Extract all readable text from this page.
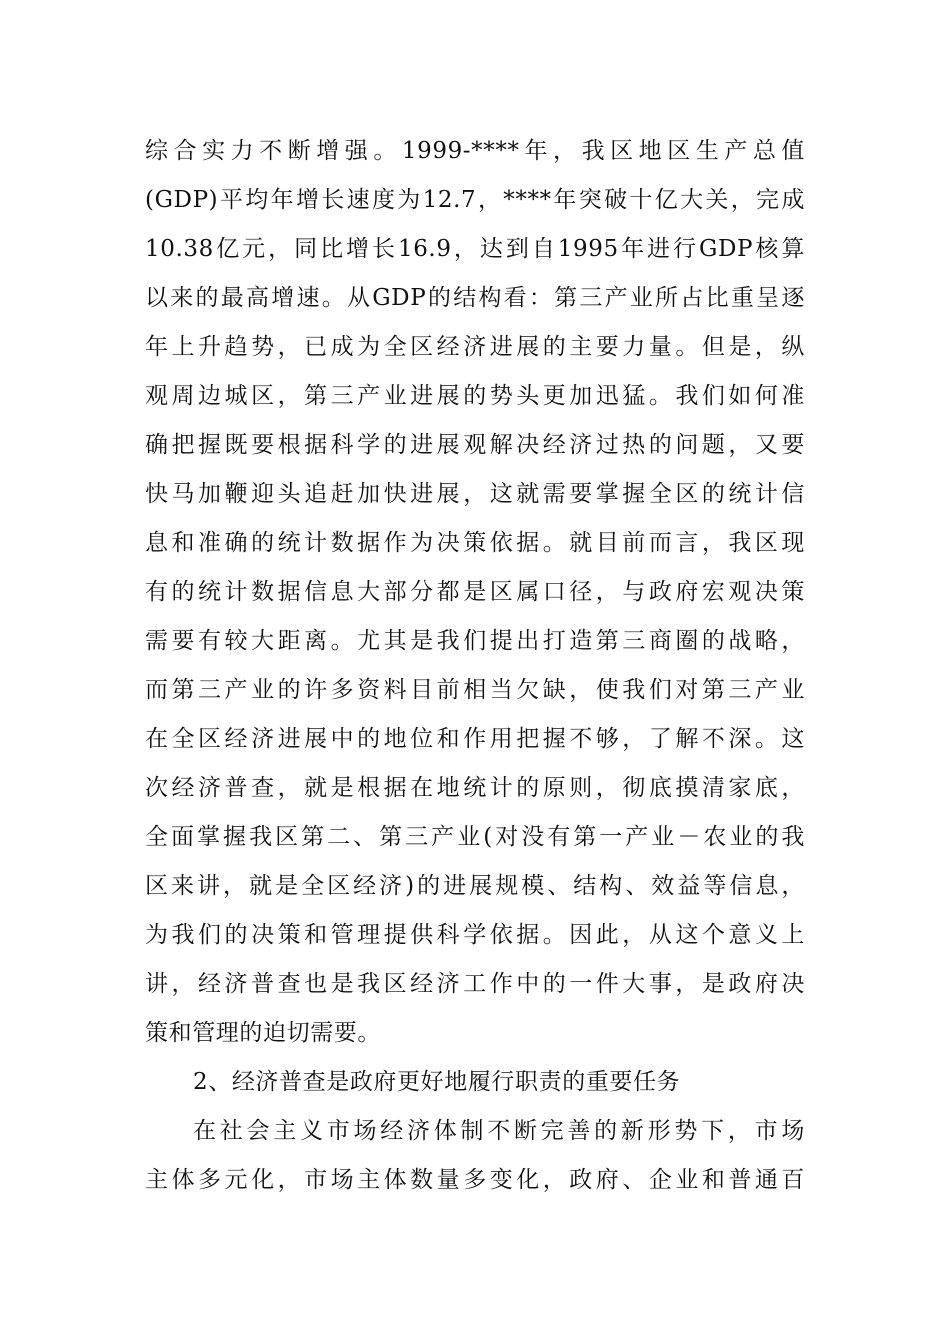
综合实力不断增强。1999-****年，我区地区生产总值
(GDP)平均年增长速度为12.7，****年突破十亿大关，完成
10.38亿元，同比增长16.9，达到自1995年进行GDP核算
以来的最高增速。从GDP的结构看：第三产业所占比重呈逐
年上升趋势，已成为全区经济进展的主要力量。但是，纵
观周边城区，第三产业进展的势头更加迅猛。我们如何准
确把握既要根据科学的进展观解决经济过热的问题，又要
快马加鞭迎头追赶加快进展，这就需要掌握全区的统计信
息和准确的统计数据作为决策依据。就目前而言，我区现
有的统计数据信息大部分都是区属口径，与政府宏观决策
需要有较大距离。尤其是我们提出打造第三商圈的战略，
而第三产业的许多资料目前相当欠缺，使我们对第三产业
在全区经济进展中的地位和作用把握不够，了解不深。这
次经济普查，就是根据在地统计的原则，彻底摸清家底，
全面掌握我区第二、第三产业(对没有第一产业－农业的我
区来讲，就是全区经济)的进展规模、结构、效益等信息，
为我们的决策和管理提供科学依据。因此，从这个意义上
讲，经济普查也是我区经济工作中的一件大事，是政府决
策和管理的迫切需要。
2、经济普查是政府更好地履行职责的重要任务
在社会主义市场经济体制不断完善的新形势下，市场
主体多元化，市场主体数量多变化，政府、企业和普通百
